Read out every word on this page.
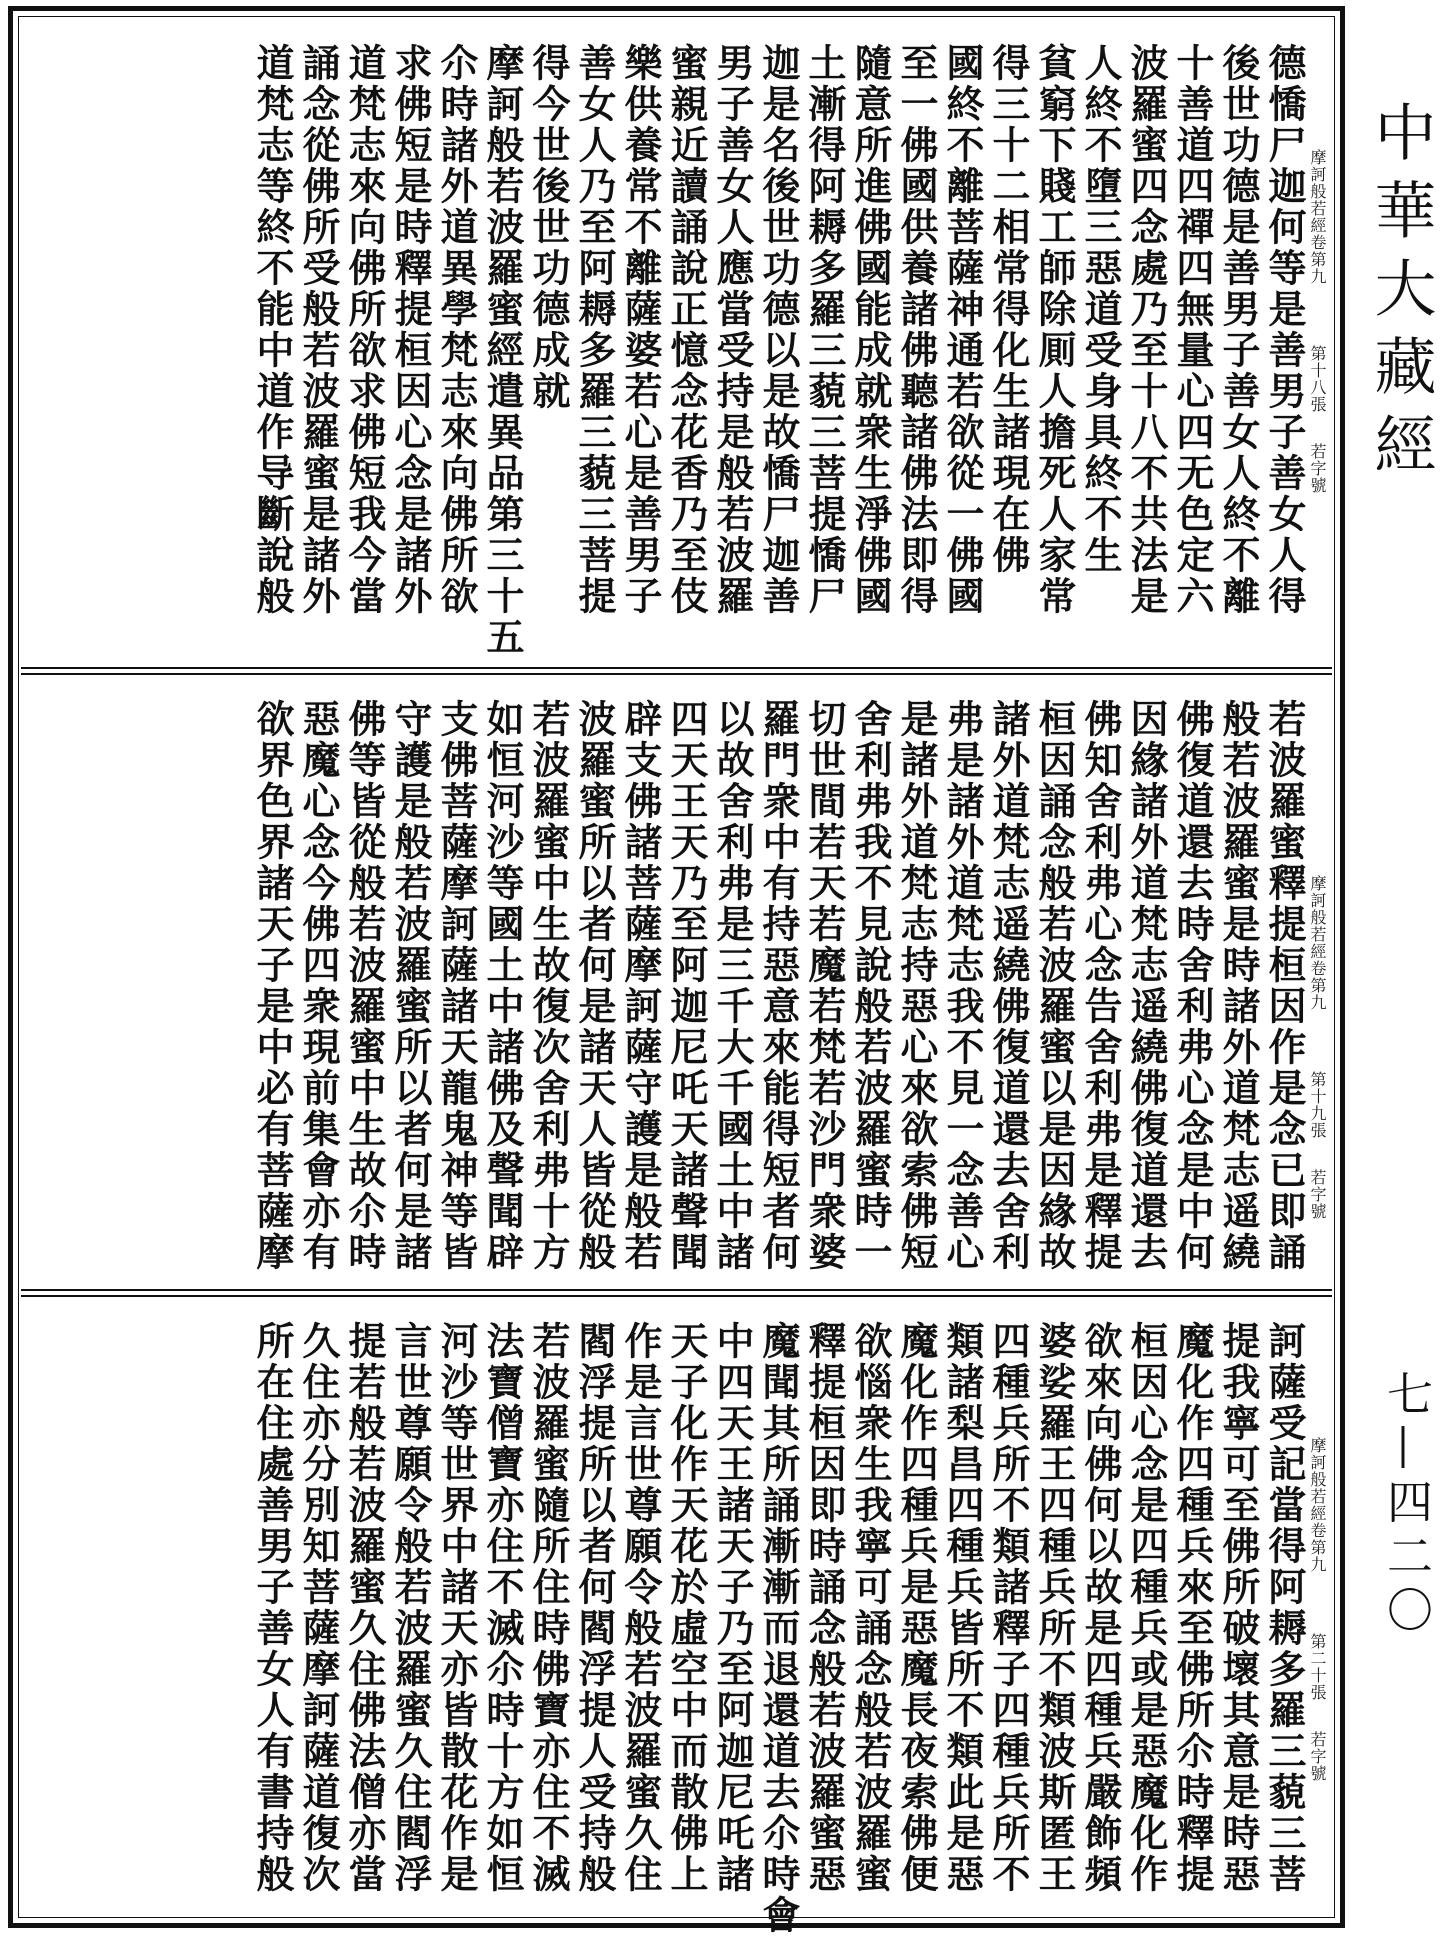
德憍尸迦何等是善男子善女人得
後世功德是善男子善女人終不離
十善道四禪四無量心四无色定六
波羅蜜四念處乃至十八不共法是
人終不墮三惡道受身具終不生
貧窮下賤工師除厠人擔死人家常
得三十二相常得化生諸現在佛
國終不離菩薩神通若欲從一佛國
至一佛國供養諸佛聽諸佛法即得
隨意所進佛國能成就衆生淨佛國
土漸得阿耨多羅三藐三菩提憍尸
迦是名後世功德以是故憍尸迦善
男子善女人應當受持是般若波羅
蜜親近讀誦說正憶念花香乃至伎
樂供養常不離薩婆若心是善男子
善女人乃至阿耨多羅三藐三菩提
得今世後世功德成就
摩訶般若波羅蜜經遣異品第三十五
尒時諸外道異學梵志來向佛所欲
求佛短是時釋提桓因心念是諸外
道梵志來向佛所欲求佛短我今當
誦念從佛所受般若波羅蜜是諸外
道梵志等終不能中道作导斷說般	摩訶般若經卷第九
第十八張
若字號
若波羅蜜釋提桓因作是念已即誦
般若波羅蜜是時諸外道梵志遥繞
佛復道還去時舍利弗心念是中何
因緣諸外道梵志遥繞佛復道還去
佛知舍利弗心念告舍利弗是釋提
桓因誦念般若波羅蜜以是因緣故
諸外道梵志遥繞佛復道還去舍利
弗是諸外道梵志我不見一念善心
是諸外道梵志持惡心來欲索佛短
舍利弗我不見說般若波羅蜜時一
切世間若天若魔若梵若沙門衆婆
羅門衆中有持惡意來能得短者何
以故舍利弗是三千大千國土中諸
四天王天乃至阿迦尼吒天諸聲聞
辟支佛諸菩薩摩訶薩守護是般若
波羅蜜所以者何是諸天人皆從般
若波羅蜜中生故復次舍利弗十方
如恒河沙等國土中諸佛及聲聞辟
支佛菩薩摩訶薩諸天龍鬼神等皆
守護是般若波羅蜜所以者何是諸
佛等皆從般若波羅蜜中生故尒時
惡魔心念今佛四衆現前集會亦有
欲界色界諸天子是中必有菩薩摩	摩訶般若經卷第九
第十九張
若字號
訶薩受記當得阿耨多羅三藐三菩
提我寧可至佛所破壞其意是時惡
魔化作四種兵來至佛所尒時釋提
桓因心念是四種兵或是惡魔化作
欲來向佛何以故是四種兵嚴飾頻
婆娑羅王四種兵所不類波斯匿王
四種兵所不類諸釋子四種兵所不
類諸梨昌四種兵皆所不類此是惡
魔化作四種兵是惡魔長夜索佛便
欲惱衆生我寧可誦念般若波羅蜜
釋提桓因即時誦念般若波羅蜜惡
魔聞其所誦漸漸而退還道去尒時會
中四天王諸天子乃至阿迦尼吒諸
天子化作天花於虛空中而散佛上
作是言世尊願令般若波羅蜜久住
閻浮提所以者何閻浮提人受持般
若波羅蜜隨所住時佛寶亦住不滅
法寶僧寶亦住不滅尒時十方如恒
河沙等世界中諸天亦皆散花作是
言世尊願令般若波羅蜜久住閻浮
提若般若波羅蜜久住佛法僧亦當
久住亦分別知菩薩摩訶薩道復次
所在住處善男子善女人有書持般	摩訶般若經卷第九
第二十張
若字號
中華大藏經
七—四二〇
